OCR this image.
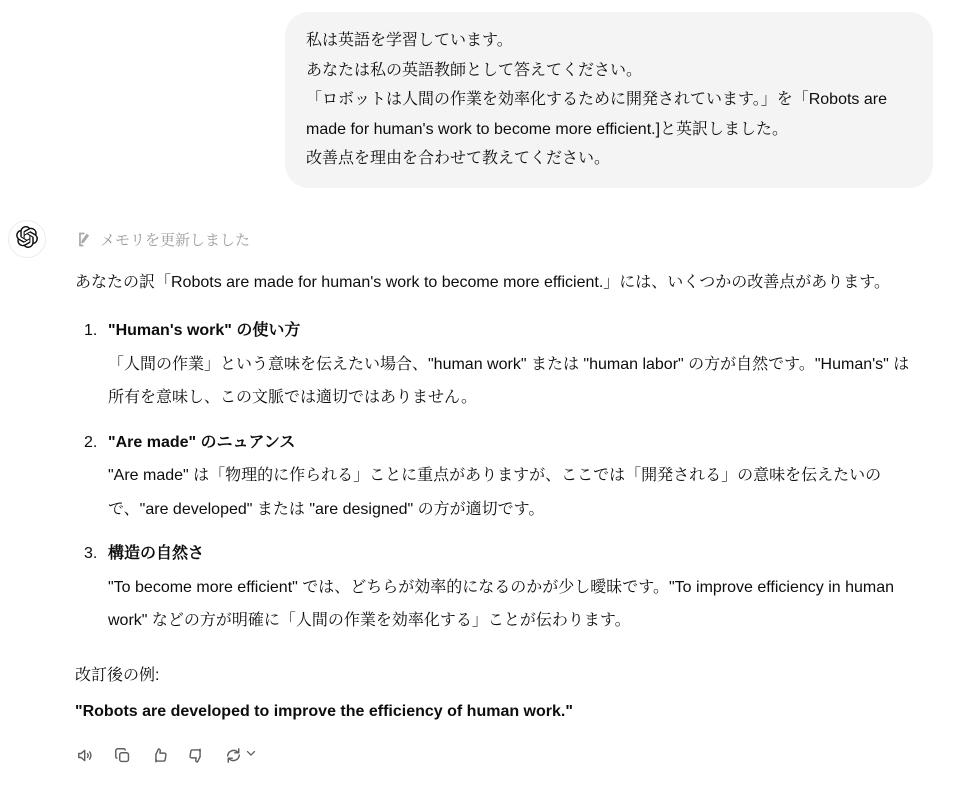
私は英語を学習しています。

あなたは私の英語教師として答えてください。

「ロボットは人間の作業を効率化するために開発されています。」を「Robots are made for human's work to become more efficient.]と英訳しました。

改善点を理由を合わせて教えてください。

メモリを更新しました

あなたの訳「Robots are made for human's work to become more efficient.」には、いくつかの改善点があります。

1. "Human's work" の使い方
「人間の作業」という意味を伝えたい場合、"human work" または "human labor" の方が自然です。"Human's" は所有を意味し、この文脈では適切ではありません。
2. "Are made" のニュアンス
"Are made" は「物理的に作られる」ことに重点がありますが、ここでは「開発される」の意味を伝えたいので、"are developed" または "are designed" の方が適切です。
3. 構造の自然さ
"To become more efficient" では、どちらが効率的になるのかが少し曖昧です。"To improve efficiency in human work" などの方が明確に「人間の作業を効率化する」ことが伝わります。

改訂後の例:

"Robots are developed to improve the efficiency of human work."
